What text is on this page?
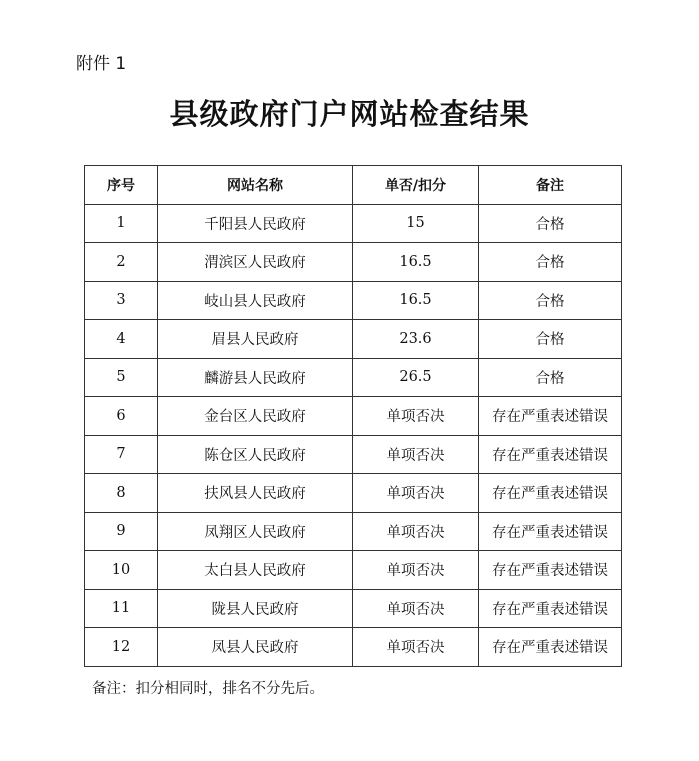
附件 1
县级政府门户网站检查结果
序号	网站名称	单否/扣分	备注
1	千阳县人民政府	15	合格
2	渭滨区人民政府	16.5	合格
3	岐山县人民政府	16.5	合格
4	眉县人民政府	23.6	合格
5	麟游县人民政府	26.5	合格
6	金台区人民政府	单项否决	存在严重表述错误
7	陈仓区人民政府	单项否决	存在严重表述错误
8	扶风县人民政府	单项否决	存在严重表述错误
9	凤翔区人民政府	单项否决	存在严重表述错误
10	太白县人民政府	单项否决	存在严重表述错误
11	陇县人民政府	单项否决	存在严重表述错误
12	凤县人民政府	单项否决	存在严重表述错误
备注：扣分相同时，排名不分先后。
